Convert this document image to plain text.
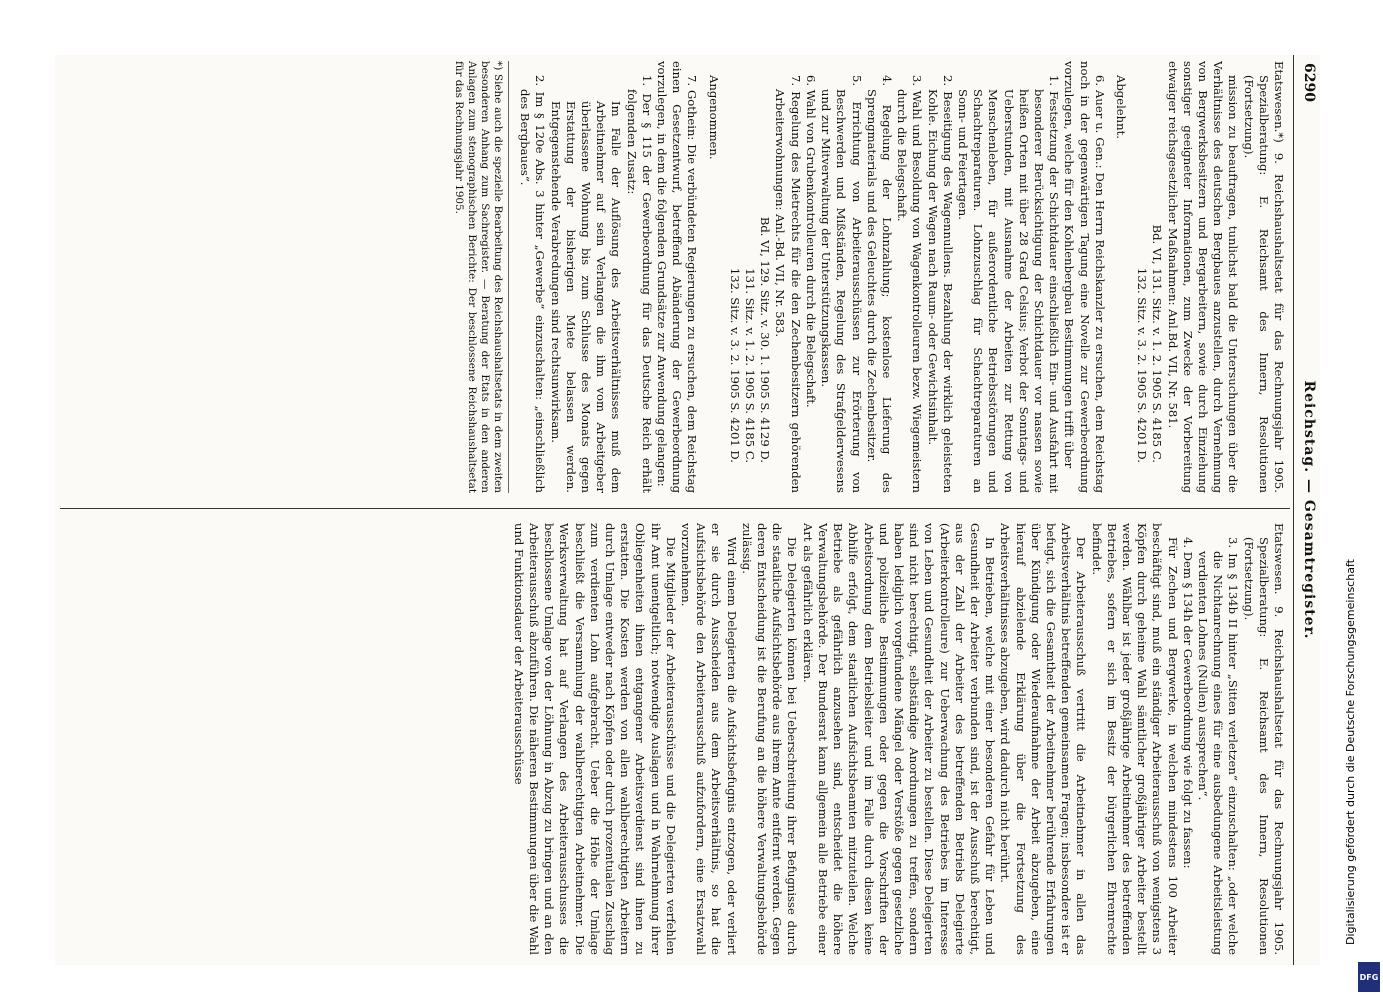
6290
Reichstag. — Gesamtregister.

Etatswesen.*) 9. Reichshaushaltsetat für das Rechnungsjahr 1905. Spezialberatung: E. Reichsamt des Innern, Resolutionen (Fortsetzung).

mission zu beauftragen, tunlichst bald die Untersuchungen über die Verhältnisse des deutschen Bergbaues anzustellen, durch Vernehmung von Bergwerksbesitzern und Bergarbeitern, sowie durch Einziehung sonstiger geeigneter Informationen, zum Zwecke der Vorbereitung etwaiger reichsgesetzlicher Maßnahmen: Anl.Bd. VII, Nr. 581.

Bd. VI, 131. Sitz. v. 1. 2. 1905 S. 4185 C.

132. Sitz. v. 3. 2. 1905 S. 4201 D.

Abgelehnt.

6. Auer u. Gen.: Den Herrn Reichskanzler zu ersuchen, dem Reichstag noch in der gegenwärtigen Tagung eine Novelle zur Gewerbeordnung vorzulegen, welche für den Kohlenbergbau Bestimmungen trifft über

1. Festsetzung der Schichtdauer einschließlich Ein- und Ausfahrt mit besonderer Berücksichtigung der Schichtdauer vor nassen sowie heißen Orten mit über 28 Grad Celsius; Verbot der Sonntags- und Ueberstunden, mit Ausnahme der Arbeiten zur Rettung von Menschenleben, für außerordentliche Betriebsstörungen und Schachtreparaturen. Lohnzuschlag für Schachtreparaturen an Sonn- und Feiertagen.

2. Beseitigung des Wagennullens. Bezahlung der wirklich geleisteten Kohle. Eichung der Wagen nach Raum- oder Gewichtsinhalt.

3. Wahl und Besoldung von Wagenkontrolleuren bezw. Wiegemeistern durch die Belegschaft.

4. Regelung der Lohnzahlung; kostenlose Lieferung des Sprengmaterials und des Geleuchtes durch die Zechenbesitzer.

5. Errichtung von Arbeiterausschüssen zur Erörterung von Beschwerden und Mißständen, Regelung des Strafgelderwesens und zur Mitverwaltung der Unterstützungskassen.

6. Wahl von Grubenkontrolleuren durch die Belegschaft.

7. Regelung des Mietrechts für die den Zechenbesitzern gehörenden Arbeiterwohnungen: Anl.-Bd. VII, Nr. 583.

Bd. VI, 129. Sitz. v. 30. 1. 1905 S. 4129 D.

131. Sitz. v. 1. 2. 1905 S. 4185 C.

132. Sitz. v. 3. 2. 1905 S. 4201 D.

Angenommen.

7. Gothein: Die verbündeten Regierungen zu ersuchen, dem Reichstag einen Gesetzentwurf, betreffend Abänderung der Gewerbeordnung vorzulegen, in dem die folgenden Grundsätze zur Anwendung gelangen:

1. Der § 115 der Gewerbeordnung für das Deutsche Reich erhält folgenden Zusatz:

Im Falle der Auflösung des Arbeitsverhältnisses muß dem Arbeitnehmer auf sein Verlangen die ihm vom Arbeitgeber überlassene Wohnung bis zum Schlusse des Monats gegen Erstattung der bisherigen Miete belassen werden. Entgegenstehende Verabredungen sind rechtsunwirksam.

2. Im § 120e Abs. 3 hinter „Gewerbe“ einzuschalten: „einschließlich des Bergbaues“.

*) Siehe auch die spezielle Bearbeitung des Reichshaushaltsetats in dem zweiten besonderen Anhang zum Sachregister. — Beratung der Etats in den anderen Anlagen zum stenographischen Berichte: Der beschlossene Reichshaushaltsetat für das Rechnungsjahr 1905.

Etatswesen. 9. Reichshaushaltsetat für das Rechnungsjahr 1905. Spezialberatung: E. Reichsamt des Innern, Resolutionen (Fortsetzung).

3. Im § 134b II hinter „Sitten verletzen“ einzuschalten: „oder welche die Nichtanrechnung eines für eine ausbedungene Arbeitsleistung verdienten Lohnes (Nullen) aussprechen“.

4. Dem § 134h der Gewerbeordnung wie folgt zu fassen:

Für Zechen und Bergwerke, in welchen mindestens 100 Arbeiter beschäftigt sind, muß ein ständiger Arbeiterausschuß von wenigstens 3 Köpfen durch geheime Wahl sämtlicher großjähriger Arbeiter bestellt werden. Wählbar ist jeder großjährige Arbeitnehmer des betreffenden Betriebes, sofern er sich im Besitz der bürgerlichen Ehrenrechte befindet.

Der Arbeiterausschuß vertritt die Arbeitnehmer in allen das Arbeitsverhältnis betreffenden gemeinsamen Fragen; insbesondere ist er befugt, sich die Gesamtheit der Arbeitnehmer berührende Erfahrungen über Kündigung oder Wiederaufnahme der Arbeit abzugeben, eine hierauf abzielende Erklärung über die Fortsetzung des Arbeitsverhältnisses abzugeben, wird dadurch nicht berührt.

In Betrieben, welche mit einer besonderen Gefahr für Leben und Gesundheit der Arbeiter verbunden sind, ist der Ausschuß berechtigt, aus der Zahl der Arbeiter des betreffenden Betriebs Delegierte (Arbeiterkontrolleure) zur Ueberwachung des Betriebes im Interesse von Leben und Gesundheit der Arbeiter zu bestellen. Diese Delegierten sind nicht berechtigt, selbständige Anordnungen zu treffen, sondern haben lediglich vorgefundene Mängel oder Verstöße gegen gesetzliche und polizeiliche Bestimmungen oder gegen die Vorschriften der Arbeitsordnung dem Betriebsleiter und im Falle durch diesen keine Abhilfe erfolgt, dem staatlichen Aufsichtsbeamten mitzuteilen. Welche Betriebe als gefährlich anzusehen sind, entscheidet die höhere Verwaltungsbehörde. Der Bundesrat kann allgemein alle Betriebe einer Art als gefährlich erklären.

Die Delegierten können bei Ueberschreitung ihrer Befugnisse durch die staatliche Aufsichtsbehörde aus ihrem Amte entfernt werden. Gegen deren Entscheidung ist die Berufung an die höhere Verwaltungsbehörde zulässig.

Wird einem Delegierten die Aufsichtsbefugnis entzogen, oder verliert er sie durch Ausscheiden aus dem Arbeitsverhältnis, so hat die Aufsichtsbehörde den Arbeiterausschuß aufzufordern, eine Ersatzwahl vorzunehmen.

Die Mitglieder der Arbeiterausschüsse und die Delegierten verfehlen ihr Amt unentgeltlich; notwendige Auslagen und in Wahrnehmung ihrer Obliegenheiten ihnen entgangener Arbeitsverdienst sind ihnen zu erstatten. Die Kosten werden von allen wahlberechtigten Arbeitern durch Umlage entweder nach Köpfen oder durch prozentualen Zuschlag zum verdienten Lohn aufgebracht. Ueber die Höhe der Umlage beschließt die Versammlung der wahlberechtigten Arbeitnehmer. Die Werksverwaltung hat auf Verlangen des Arbeiterausschusses die beschlossene Umlage von der Löhnung in Abzug zu bringen und an den Arbeiterausschuß abzuführen. Die näheren Bestimmungen über die Wahl und Funktionsdauer der Arbeiterausschüsse	Digitalisierung gefördert durch die Deutsche Forschungsgemeinschaft
DFG
